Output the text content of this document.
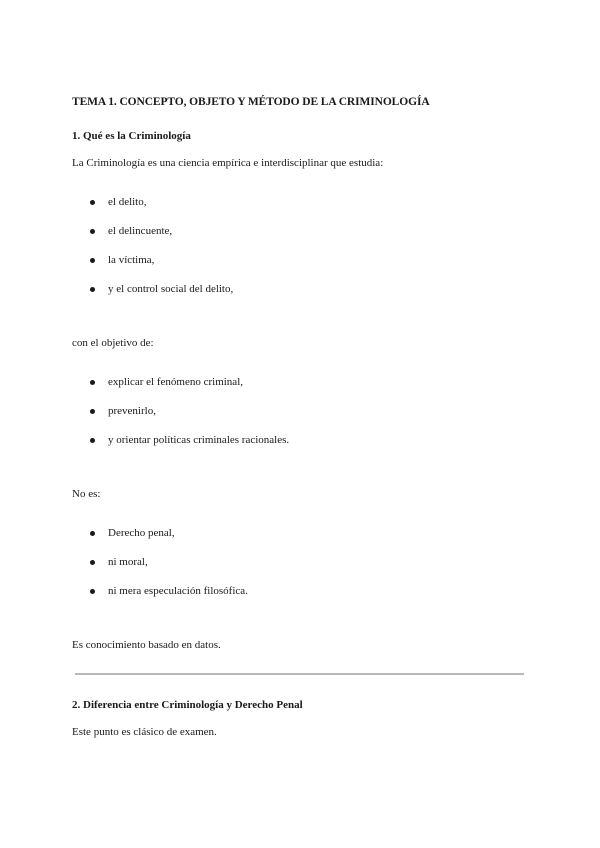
TEMA 1. CONCEPTO, OBJETO Y MÉTODO DE LA CRIMINOLOGÍA
1. Qué es la Criminología
La Criminología es una ciencia empírica e interdisciplinar que estudia:
el delito,
el delincuente,
la víctima,
y el control social del delito,
con el objetivo de:
explicar el fenómeno criminal,
prevenirlo,
y orientar políticas criminales racionales.
No es:
Derecho penal,
ni moral,
ni mera especulación filosófica.
Es conocimiento basado en datos.
2. Diferencia entre Criminología y Derecho Penal
Este punto es clásico de examen.
